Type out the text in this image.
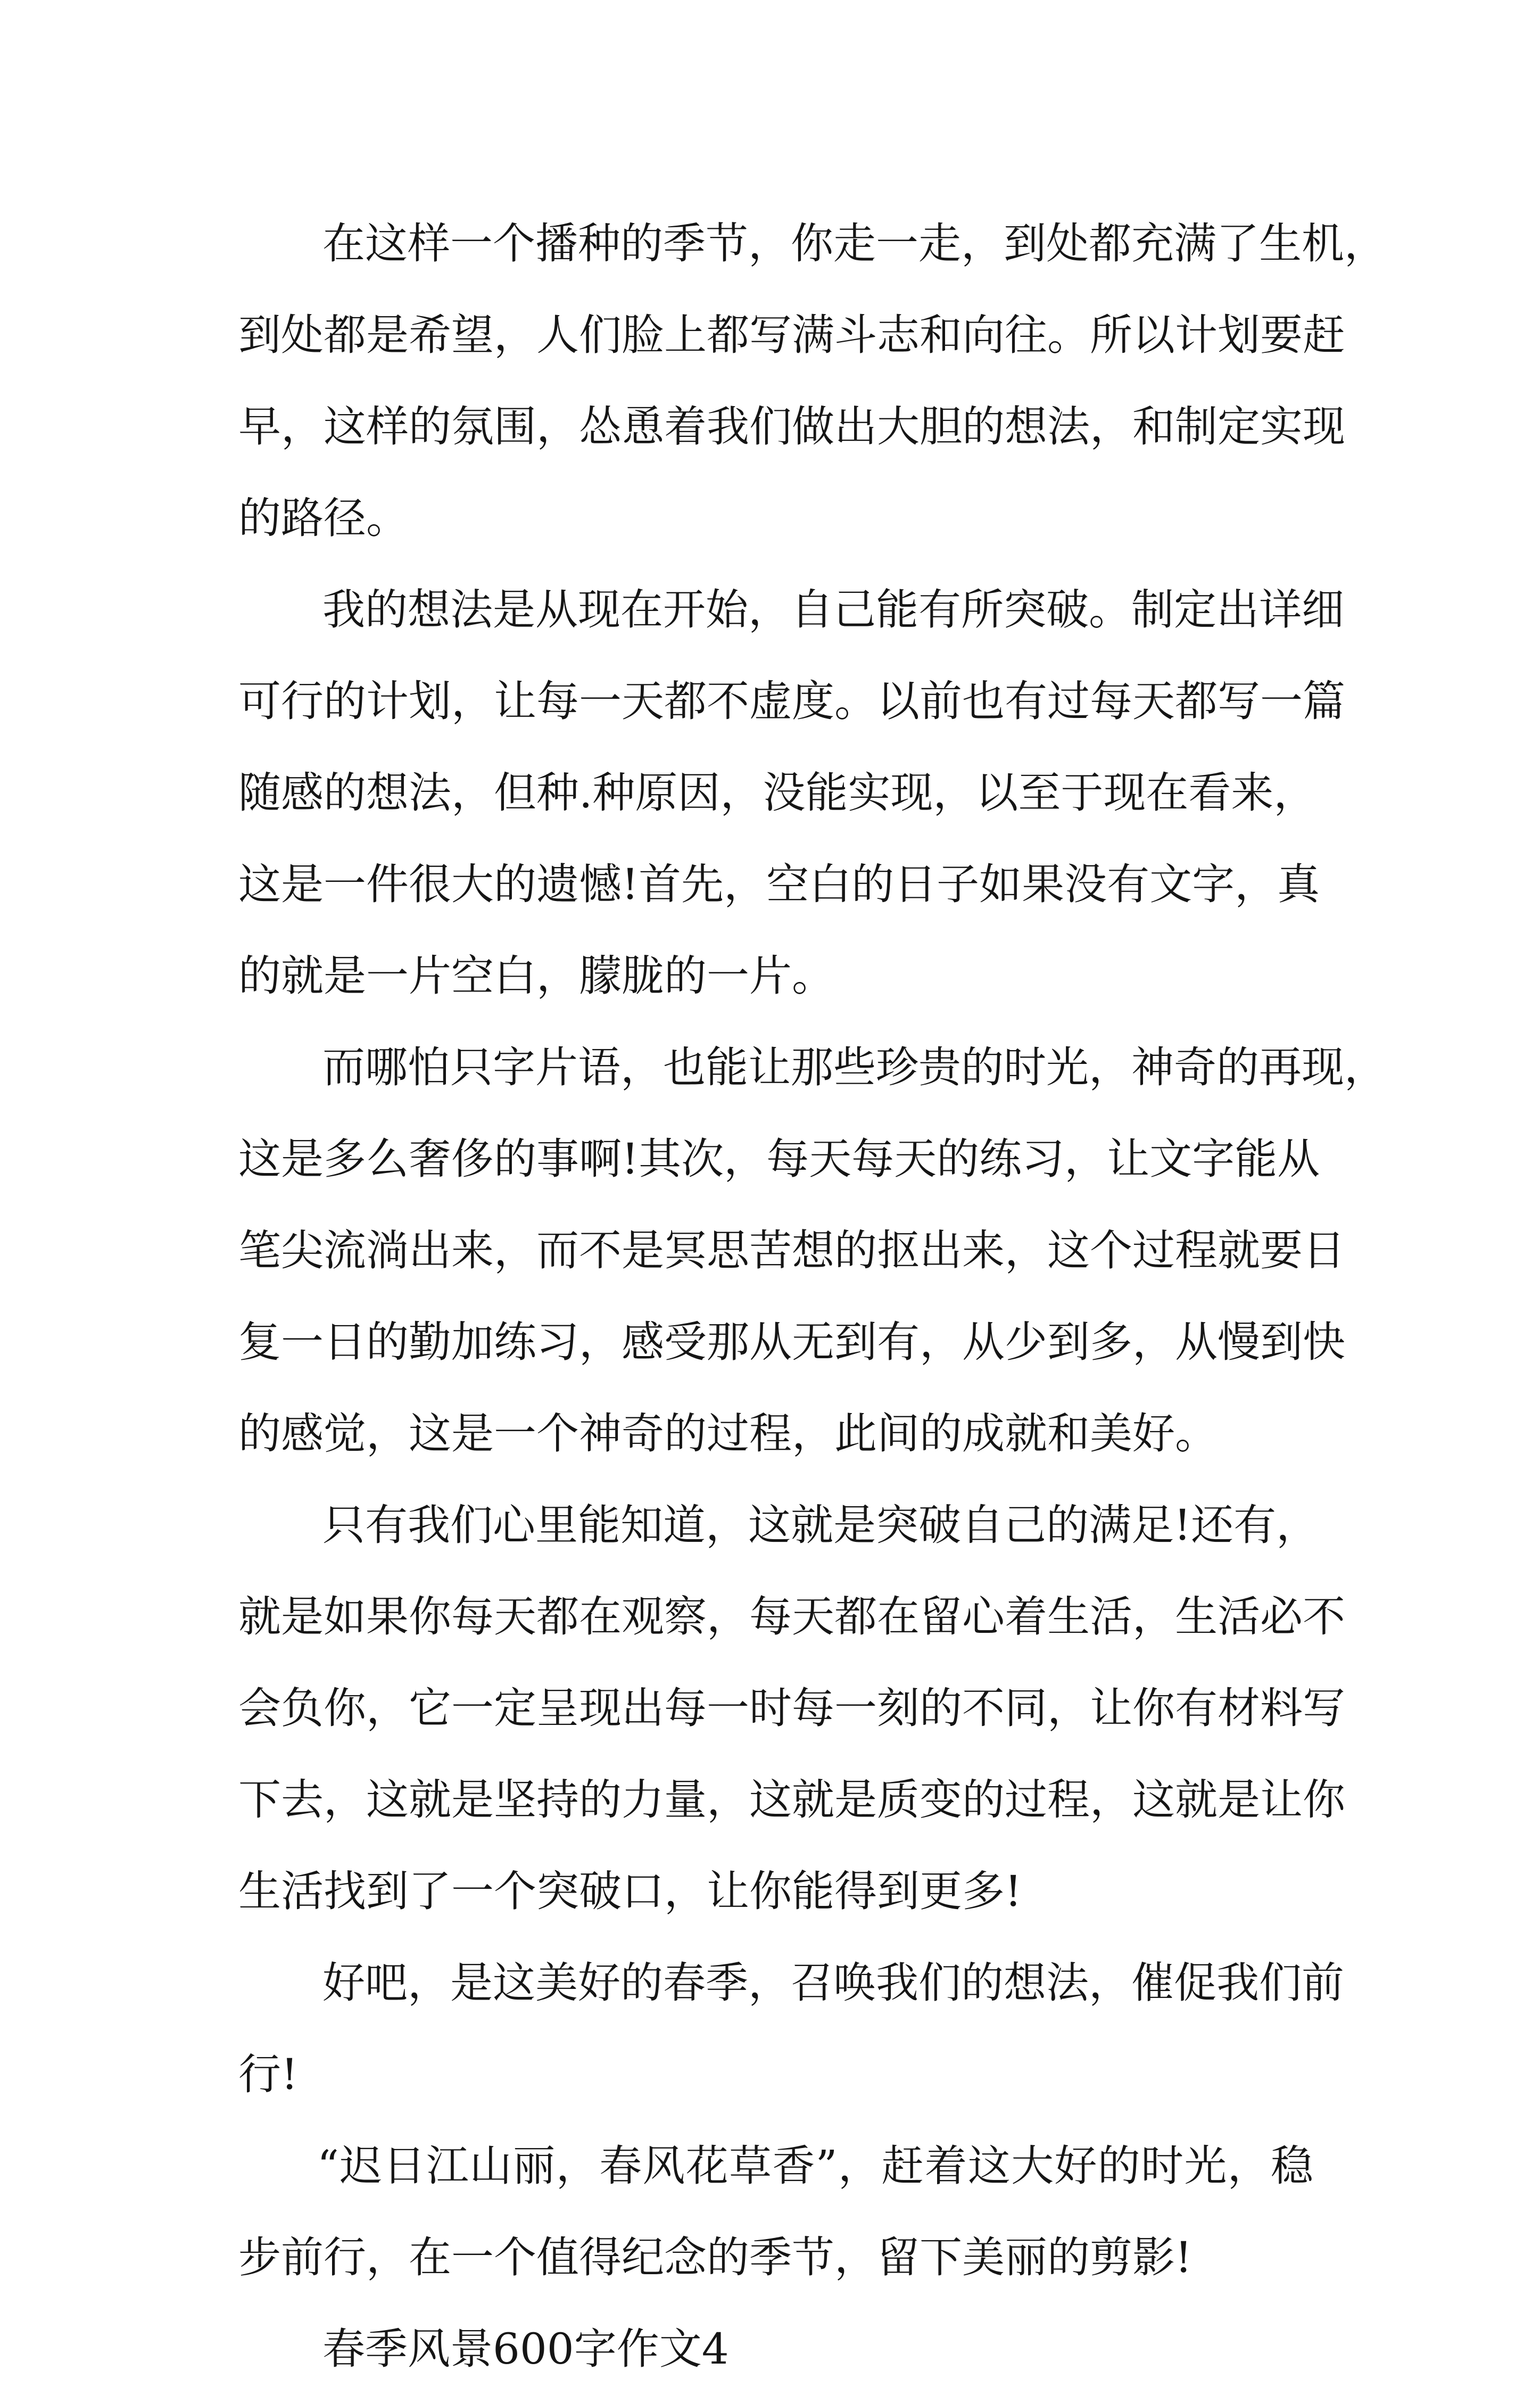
在这样一个播种的季节，你走一走，到处都充满了生机，
到处都是希望，人们脸上都写满斗志和向往。所以计划要赶
早，这样的氛围，怂恿着我们做出大胆的想法，和制定实现
的路径。
我的想法是从现在开始，自己能有所突破。制定出详细
可行的计划，让每一天都不虚度。以前也有过每天都写一篇
随感的想法，但种.种原因，没能实现，以至于现在看来，
这是一件很大的遗憾!首先，空白的日子如果没有文字，真
的就是一片空白，朦胧的一片。
而哪怕只字片语，也能让那些珍贵的时光，神奇的再现，
这是多么奢侈的事啊!其次，每天每天的练习，让文字能从
笔尖流淌出来，而不是冥思苦想的抠出来，这个过程就要日
复一日的勤加练习，感受那从无到有，从少到多，从慢到快
的感觉，这是一个神奇的过程，此间的成就和美好。
只有我们心里能知道，这就是突破自己的满足!还有，
就是如果你每天都在观察，每天都在留心着生活，生活必不
会负你，它一定呈现出每一时每一刻的不同，让你有材料写
下去，这就是坚持的力量，这就是质变的过程，这就是让你
生活找到了一个突破口，让你能得到更多!
好吧，是这美好的春季，召唤我们的想法，催促我们前
行!
“迟日江山丽，春风花草香”，赶着这大好的时光，稳
步前行，在一个值得纪念的季节，留下美丽的剪影!
春季风景600字作文4
